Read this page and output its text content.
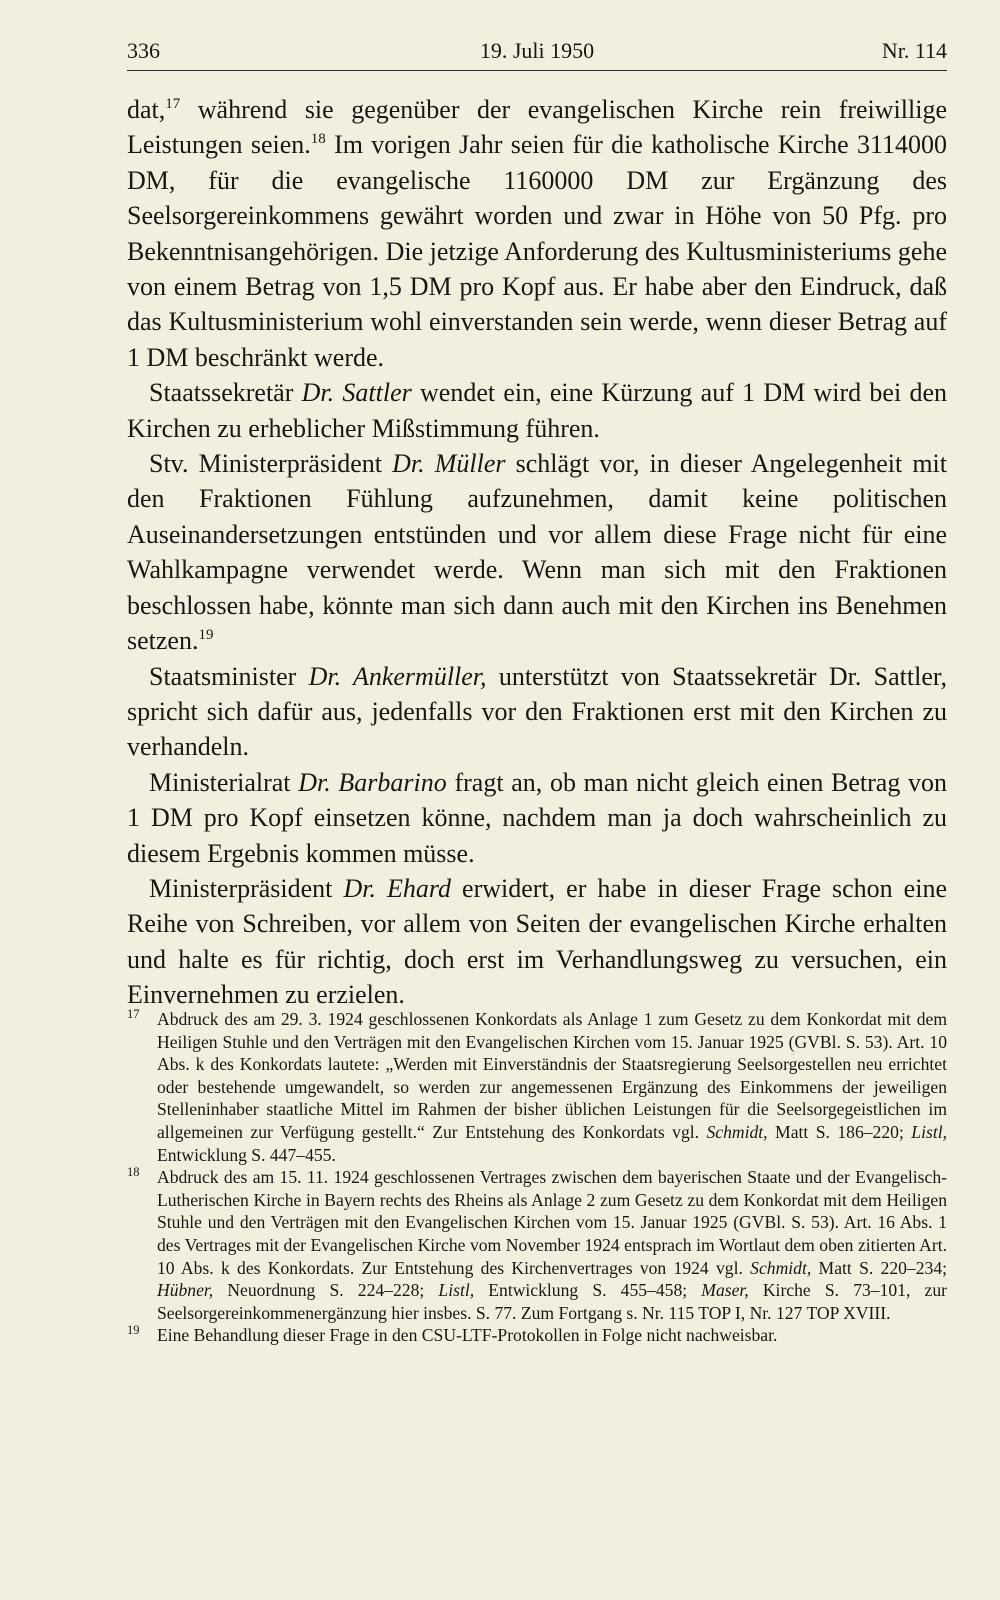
336	19. Juli 1950	Nr. 114

dat,$^{17}$ während sie gegenüber der evangelischen Kirche rein freiwillige Leistungen seien.$^{18}$ Im vorigen Jahr seien für die katholische Kirche 3114000 DM, für die evangelische 1160000 DM zur Ergänzung des Seelsorgereinkommens gewährt worden und zwar in Höhe von 50 Pfg. pro Bekenntnisangehörigen. Die jetzige Anforderung des Kultusministeriums gehe von einem Betrag von 1,5 DM pro Kopf aus. Er habe aber den Eindruck, daß das Kultusministerium wohl einverstanden sein werde, wenn dieser Betrag auf 1 DM beschränkt werde.

Staatssekretär Dr. Sattler wendet ein, eine Kürzung auf 1 DM wird bei den Kirchen zu erheblicher Mißstimmung führen.

Stv. Ministerpräsident Dr. Müller schlägt vor, in dieser Angelegenheit mit den Fraktionen Fühlung aufzunehmen, damit keine politischen Auseinandersetzungen entstünden und vor allem diese Frage nicht für eine Wahlkampagne verwendet werde. Wenn man sich mit den Fraktionen beschlossen habe, könnte man sich dann auch mit den Kirchen ins Benehmen setzen.$^{19}$

Staatsminister Dr. Ankermüller, unterstützt von Staatssekretär Dr. Sattler, spricht sich dafür aus, jedenfalls vor den Fraktionen erst mit den Kirchen zu verhandeln.

Ministerialrat Dr. Barbarino fragt an, ob man nicht gleich einen Betrag von 1 DM pro Kopf einsetzen könne, nachdem man ja doch wahrscheinlich zu diesem Ergebnis kommen müsse.

Ministerpräsident Dr. Ehard erwidert, er habe in dieser Frage schon eine Reihe von Schreiben, vor allem von Seiten der evangelischen Kirche erhalten und halte es für richtig, doch erst im Verhandlungsweg zu versuchen, ein Einvernehmen zu erzielen.

17 Abdruck des am 29. 3. 1924 geschlossenen Konkordats als Anlage 1 zum Gesetz zu dem Konkordat mit dem Heiligen Stuhle und den Verträgen mit den Evangelischen Kirchen vom 15. Januar 1925 (GVBl. S. 53). Art. 10 Abs. k des Konkordats lautete: „Werden mit Einverständnis der Staatsregierung Seelsorgestellen neu errichtet oder bestehende umgewandelt, so werden zur angemessenen Ergänzung des Einkommens der jeweiligen Stelleninhaber staatliche Mittel im Rahmen der bisher üblichen Leistungen für die Seelsorgegeistlichen im allgemeinen zur Verfügung gestellt.“ Zur Entstehung des Konkordats vgl. Schmidt, Matt S. 186–220; Listl, Entwicklung S. 447–455.
18 Abdruck des am 15. 11. 1924 geschlossenen Vertrages zwischen dem bayerischen Staate und der Evangelisch-Lutherischen Kirche in Bayern rechts des Rheins als Anlage 2 zum Gesetz zu dem Konkordat mit dem Heiligen Stuhle und den Verträgen mit den Evangelischen Kirchen vom 15. Januar 1925 (GVBl. S. 53). Art. 16 Abs. 1 des Vertrages mit der Evangelischen Kirche vom November 1924 entsprach im Wortlaut dem oben zitierten Art. 10 Abs. k des Konkordats. Zur Entstehung des Kirchenvertrages von 1924 vgl. Schmidt, Matt S. 220–234; Hübner, Neuordnung S. 224–228; Listl, Entwicklung S. 455–458; Maser, Kirche S. 73–101, zur Seelsorgereinkommenergänzung hier insbes. S. 77. Zum Fortgang s. Nr. 115 TOP I, Nr. 127 TOP XVIII.
19 Eine Behandlung dieser Frage in den CSU-LTF-Protokollen in Folge nicht nachweisbar.
